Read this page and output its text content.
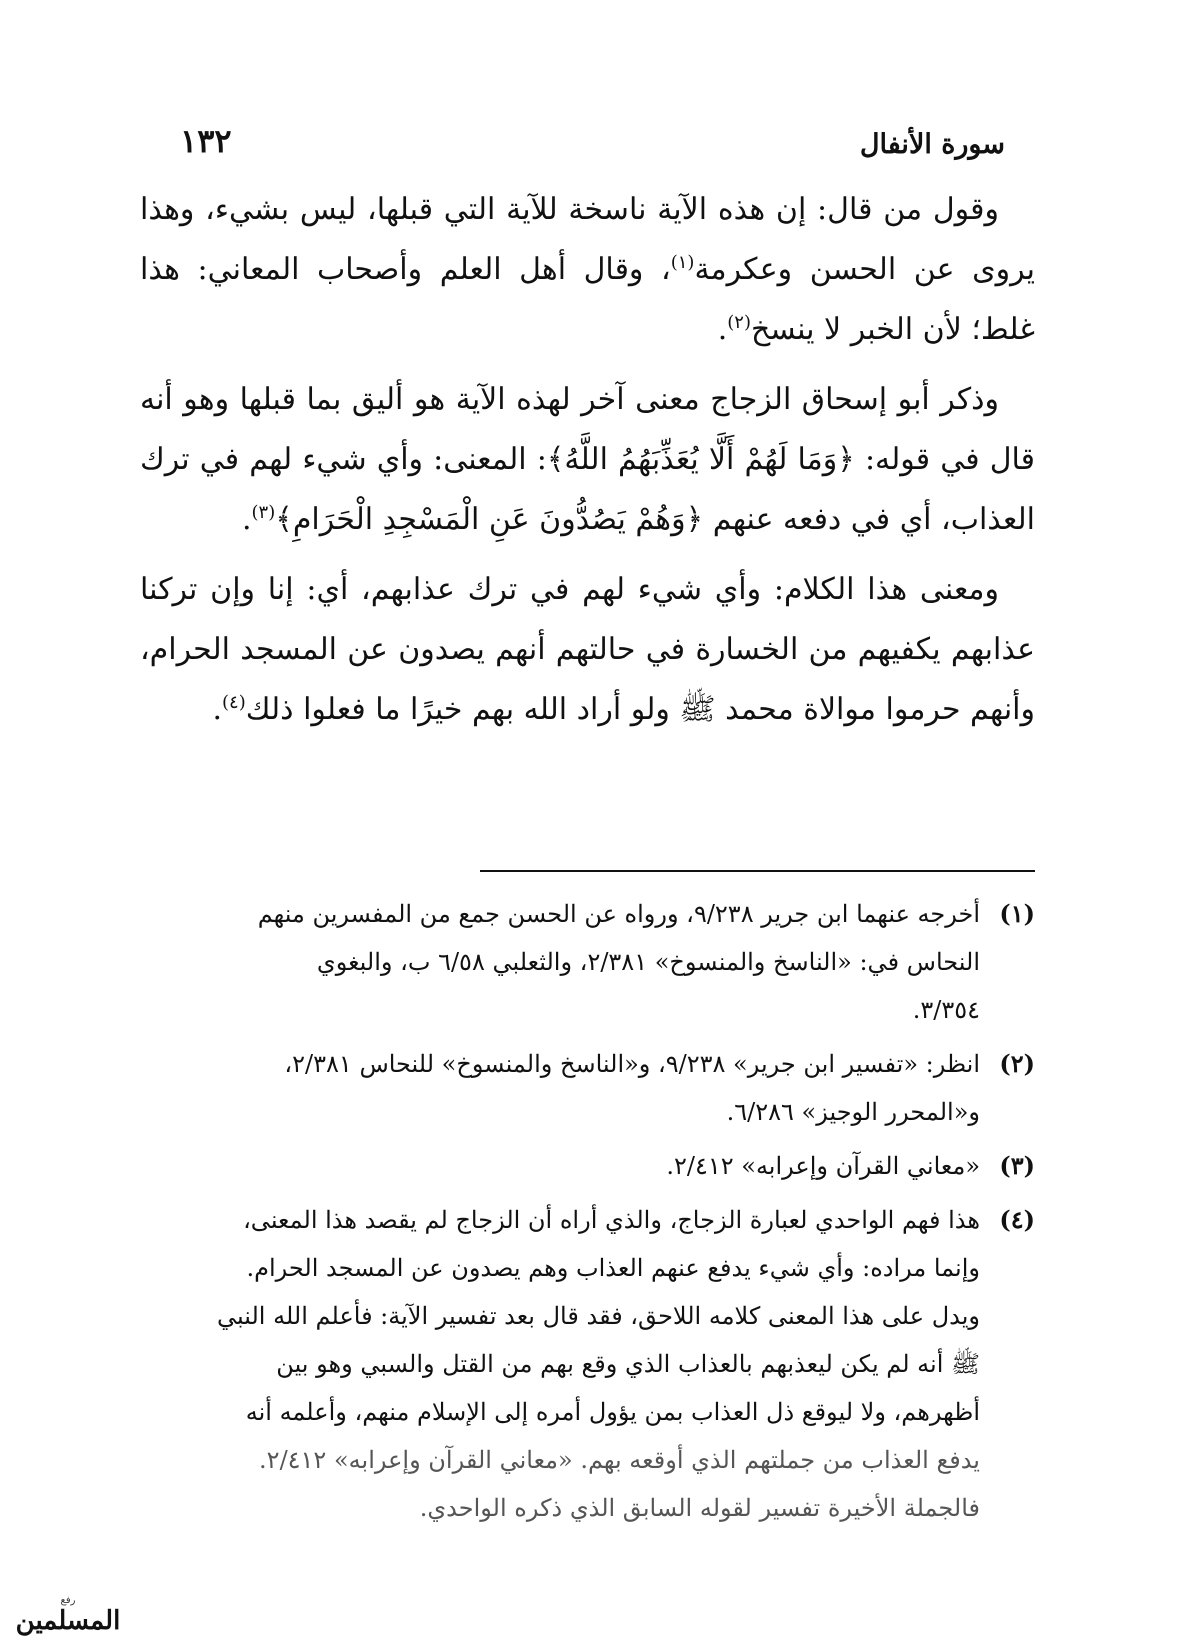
١٣٢	سورة الأنفال

وقول من قال: إن هذه الآية ناسخة للآية التي قبلها، ليس بشيء، وهذا يروى عن الحسن وعكرمة$^{(١)}$، وقال أهل العلم وأصحاب المعاني: هذا غلط؛ لأن الخبر لا ينسخ$^{(٢)}$.

وذكر أبو إسحاق الزجاج معنى آخر لهذه الآية هو أليق بما قبلها وهو أنه قال في قوله: ﴿وَمَا لَهُمْ أَلَّا يُعَذِّبَهُمُ اللَّهُ﴾: المعنى: وأي شيء لهم في ترك العذاب، أي في دفعه عنهم ﴿وَهُمْ يَصُدُّونَ عَنِ الْمَسْجِدِ الْحَرَامِ﴾$^{(٣)}$.

ومعنى هذا الكلام: وأي شيء لهم في ترك عذابهم، أي: إنا وإن تركنا عذابهم يكفيهم من الخسارة في حالتهم أنهم يصدون عن المسجد الحرام، وأنهم حرموا موالاة محمد ﷺ ولو أراد الله بهم خيرًا ما فعلوا ذلك$^{(٤)}$.

(١)
أخرجه عنهما ابن جرير ٩/٢٣٨، ورواه عن الحسن جمع من المفسرين منهم
النحاس في: «الناسخ والمنسوخ» ٢/٣٨١، والثعلبي ٦/٥٨ ب، والبغوي
٣/٣٥٤.
(٢)
انظر: «تفسير ابن جرير» ٩/٢٣٨، و«الناسخ والمنسوخ» للنحاس ٢/٣٨١،
و«المحرر الوجيز» ٦/٢٨٦.
(٣)
«معاني القرآن وإعرابه» ٢/٤١٢.
(٤)
هذا فهم الواحدي لعبارة الزجاج، والذي أراه أن الزجاج لم يقصد هذا المعنى،
وإنما مراده: وأي شيء يدفع عنهم العذاب وهم يصدون عن المسجد الحرام.
ويدل على هذا المعنى كلامه اللاحق، فقد قال بعد تفسير الآية: فأعلم الله النبي
ﷺ أنه لم يكن ليعذبهم بالعذاب الذي وقع بهم من القتل والسبي وهو بين
أظهرهم، ولا ليوقع ذل العذاب بمن يؤول أمره إلى الإسلام منهم، وأعلمه أنه
يدفع العذاب من جملتهم الذي أوقعه بهم. «معاني القرآن وإعرابه» ٢/٤١٢.
فالجملة الأخيرة تفسير لقوله السابق الذي ذكره الواحدي.
رفع
المسلمين
